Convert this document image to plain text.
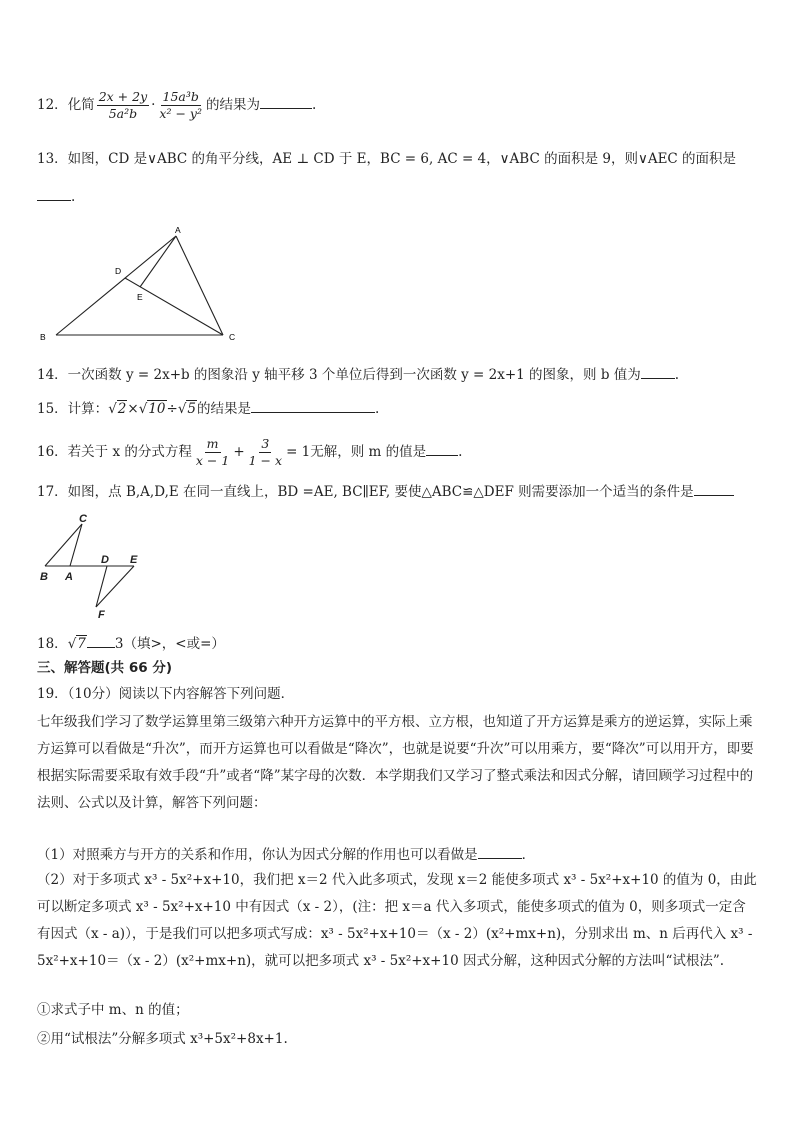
12．化简 $\frac{2x + 2y}{\text{5a²b}} \cdot \frac{\text{15a³b}}{\text{x² − y²}}$ 的结果为	.
13．如图，CD 是∨ABC 的角平分线，AE ⊥ CD 于 E，BC = 6, AC = 4，∨ABC 的面积是 9，则∨AEC 的面积是
.
A
B	C
D
E
14．一次函数 y = 2x+b 的图象沿 y 轴平移 3 个单位后得到一次函数 y = 2x+1 的图象，则 b 值为	.
15．计算：√2×√10÷√5的结果是	.
16．若关于 x 的分式方程 $\frac{m}{x - 1} + \frac{3}{1 - x} = 1$无解，则 m 的值是 .
17．如图，点 B,A,D,E 在同一直线上，BD =AE, BC∥EF, 要使△ABC≌△DEF 则需要添加一个适当的条件是
C
B A
D E
F
18．√7 3（填>，<或=）
三、解答题(共 66 分)
19．（10分）阅读以下内容解答下列问题．
七年级我们学习了数学运算里第三级第六种开方运算中的平方根、立方根，也知道了开方运算是乘方的逆运算，实际上乘方运算可以看做是“升次”，而开方运算也可以看做是“降次”，也就是说要“升次”可以用乘方，要“降次”可以用开方，即要根据实际需要采取有效手段“升”或者“降”某字母的次数．本学期我们又学习了整式乘法和因式分解，请回顾学习过程中的法则、公式以及计算，解答下列问题：
（1）对照乘方与开方的关系和作用，你认为因式分解的作用也可以看做是	．
（2）对于多项式 x³ - 5x²+x+10，我们把 x＝2 代入此多项式，发现 x＝2 能使多项式 x³ - 5x²+x+10 的值为 0，由此可以断定多项式 x³ - 5x²+x+10 中有因式（x - 2），(注：把 x＝a 代入多项式，能使多项式的值为 0，则多项式一定含有因式（x - a)），于是我们可以把多项式写成：x³ - 5x²+x+10＝（x - 2）(x²+mx+n)，分别求出 m、n 后再代入 x³ - 5x²+x+10＝（x - 2）(x²+mx+n)，就可以把多项式 x³ - 5x²+x+10 因式分解，这种因式分解的方法叫“试根法”.
①求式子中 m、n 的值；
②用“试根法”分解多项式 x³+5x²+8x+1.
